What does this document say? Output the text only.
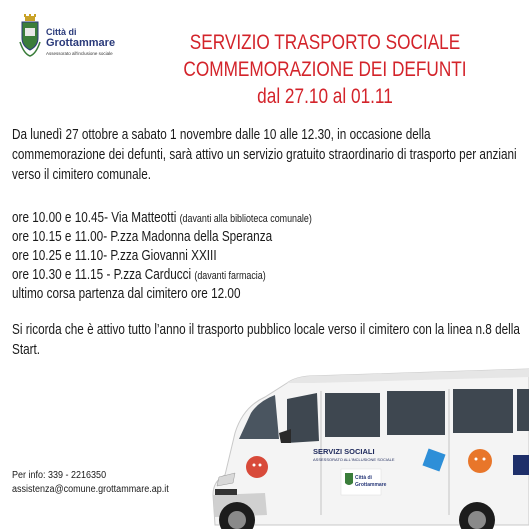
Città di
Grottammare
Assessorato all'inclusione sociale	SERVIZIO TRASPORTO SOCIALE
COMMEMORAZIONE DEI DEFUNTI
dal 27.10 al 01.11
Da lunedì 27 ottobre a sabato 1 novembre dalle 10 alle 12.30, in occasione della commemorazione dei defunti, sarà attivo un servizio gratuito straordinario di trasporto per anziani verso il cimitero comunale.
ore 10.00 e 10.45- Via Matteotti (davanti alla biblioteca comunale)
ore 10.15 e 11.00- P.zza Madonna della Speranza
ore 10.25 e 11.10- P.zza Giovanni XXIII
ore 10.30 e 11.15 - P.zza Carducci (davanti farmacia)
ultimo corsa partenza dal cimitero ore 12.00
Si ricorda che è attivo tutto l’anno il trasporto pubblico locale verso il cimitero con la linea n.8 della Start.
Per info: 339 - 2216350
assistenza@comune.grottammare.ap.it
Città di
Grottammare
SERVIZI SOCIALI
ASSESSORATO ALL'INCLUSIONE SOCIALE
